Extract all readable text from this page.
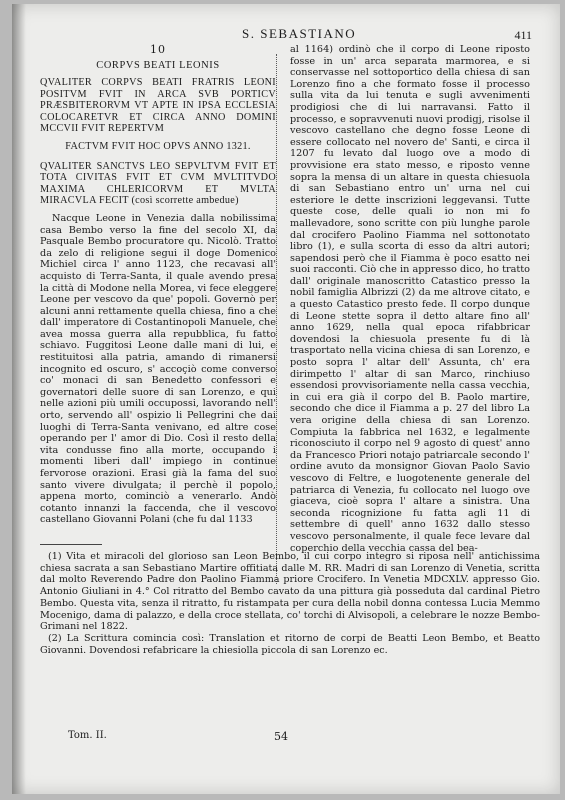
S. SEBASTIANO	411
10
CORPVS BEATI LEONIS

QVALITER CORPVS BEATI FRATRIS LEONI POSITVM FVIT IN ARCA SVB PORTICV PRÆSBITERORVM VT APTE IN IPSA ECCLESIA COLOCARETVR ET CIRCA ANNO DOMINI MCCVII FVIT REPERTVM

FACTVM FVIT HOC OPVS ANNO 1321.

QVALITER SANCTVS LEO SEPVLTVM FVIT ET TOTA CIVITAS FVIT ET CVM MVLTITVDO MAXIMA CHLERICORVM ET MVLTA MIRACVLA FECIT (così scorrette ambedue)

Nacque Leone in Venezia dalla nobilissima casa Bembo verso la fine del secolo XI, da Pasquale Bembo procuratore qu. Nicolò. Tratto da zelo di religione segui il doge Domenico Michiel circa l' anno 1123, che recavasi all' acquisto di Terra-Santa, il quale avendo presa la città di Modone nella Morea, vi fece eleggere Leone per vescovo da que' popoli. Governò per alcuni anni rettamente quella chiesa, fino a che dall' imperatore di Costantinopoli Manuele, che avea mossa guerra alla repubblica, fu fatto schiavo. Fuggitosi Leone dalle mani di lui, e restituitosi alla patria, amando di rimanersi incognito ed oscuro, s' accoçiò come converso co' monaci di san Benedetto confessori e governatori delle suore di san Lorenzo, e qui nelle azioni più umili occupossi, lavorando nell' orto, servendo all' ospizio li Pellegrini che dai luoghi di Terra-Santa venivano, ed altre cose operando per l' amor di Dio. Così il resto della vita condusse fino alla morte, occupando i momenti liberi dall' impiego in continue fervorose orazioni. Erasi già la fama del suo santo vivere divulgata; il perchè il popolo, appena morto, cominciò a venerarlo. Andò cotanto innanzi la faccenda, che il vescovo castellano Giovanni Polani (che fu dal 1133

al 1164) ordinò che il corpo di Leone riposto fosse in un' arca separata marmorea, e si conservasse nel sottoportico della chiesa di san Lorenzo fino a che formato fosse il processo sulla vita da lui tenuta e sugli avvenimenti prodigiosi che di lui narravansi. Fatto il processo, e sopravvenuti nuovi prodigj, risolse il vescovo castellano che degno fosse Leone di essere collocato nel novero de' Santi, e circa il 1207 fu levato dal luogo ove a modo di provvisione era stato messo, e riposto venne sopra la mensa di un altare in questa chiesuola di san Sebastiano entro un' urna nel cui esteriore le dette inscrizioni leggevansi. Tutte queste cose, delle quali io non mi fo mallevadore, sono scritte con più lunghe parole dal crocifero Paolino Fiamma nel sottonotato libro (1), e sulla scorta di esso da altri autori; sapendosi però che il Fiamma è poco esatto nei suoi racconti. Ciò che in appresso dico, ho tratto dall' originale manoscritto Catastico presso la nobil famiglia Albrizzi (2) da me altrove citato, e a questo Catastico presto fede. Il corpo dunque di Leone stette sopra il detto altare fino all' anno 1629, nella qual epoca rifabbricar dovendosi la chiesuola presente fu di là trasportato nella vicina chiesa di san Lorenzo, e posto sopra l' altar dell' Assunta, ch' era dirimpetto l' altar di san Marco, rinchiuso essendosi provvisoriamente nella cassa vecchia, in cui era già il corpo del B. Paolo martire, secondo che dice il Fiamma a p. 27 del libro La vera origine della chiesa di san Lorenzo. Compiuta la fabbrica nel 1632, e legalmente riconosciuto il corpo nel 9 agosto di quest' anno da Francesco Priori notajo patriarcale secondo l' ordine avuto da monsignor Giovan Paolo Savio vescovo di Feltre, e luogotenente generale del patriarca di Venezia, fu collocato nel luogo ove giaceva, cioè sopra l' altare a sinistra. Una seconda ricognizione fu fatta agli 11 di settembre di quell' anno 1632 dallo stesso vescovo personalmente, il quale fece levare dal coperchio della vecchia cassa del bea-

(1) Vita et miracoli del glorioso san Leon Bembo, il cui corpo integro si riposa nell' antichissima chiesa sacrata a san Sebastiano Martire offitiata dalle M. RR. Madri di san Lorenzo di Venetia, scritta dal molto Reverendo Padre don Paolino Fiamma priore Crocifero. In Venetia MDCXLV. appresso Gio. Antonio Giuliani in 4.° Col ritratto del Bembo cavato da una pittura già posseduta dal cardinal Pietro Bembo. Questa vita, senza il ritratto, fu ristampata per cura della nobil donna contessa Lucia Memmo Mocenigo, dama di palazzo, e della croce stellata, co' torchi di Alvisopoli, a celebrare le nozze Bembo-Grimani nel 1822.

(2) La Scrittura comincia così: Translation et ritorno de corpi de Beatti Leon Bembo, et Beatto Giovanni. Dovendosi refabricare la chiesiolla piccola di san Lorenzo ec.

Tom. II.	54
